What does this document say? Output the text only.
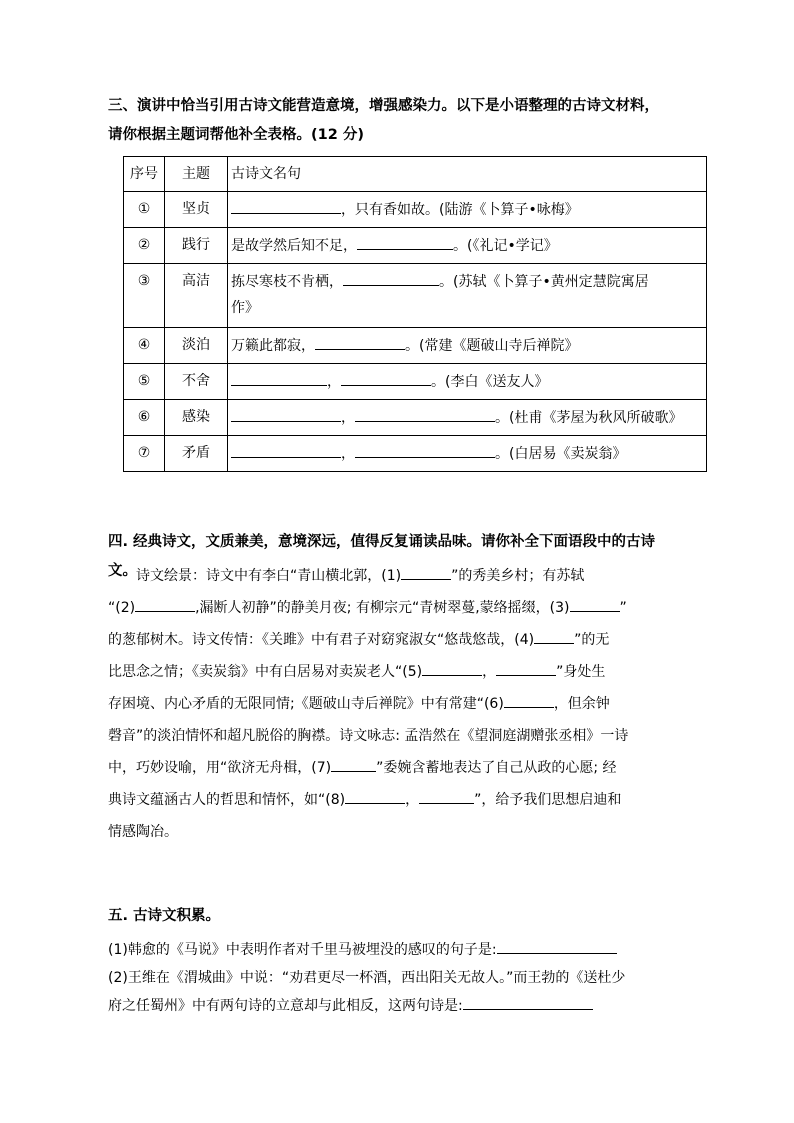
三、演讲中恰当引用古诗文能营造意境，增强感染力。以下是小语整理的古诗文材料，
请你根据主题词帮他补全表格。(12 分)
序号	主题	古诗文名句
①	坚贞	，只有香如故。(陆游《卜算子•咏梅》
②	践行	是故学然后知不足， 。(《礼记•学记》
③	高洁	拣尽寒枝不肯栖， 。(苏轼《卜算子•黄州定慧院寓居
作》
④	淡泊	万籁此都寂， 。(常建《题破山寺后禅院》
⑤	不舍	， 。(李白《送友人》
⑥	感染	， 。(杜甫《茅屋为秋风所破歌》
⑦	矛盾	， 。(白居易《卖炭翁》
四. 经典诗文，文质兼美，意境深远，值得反复诵读品味。请你补全下面语段中的古诗
文。 诗文绘景：诗文中有李白“青山横北郭，(1)	”的秀美乡村；有苏轼
“(2)	,漏断人初静”的静美月夜; 有柳宗元“青树翠蔓,蒙络摇缀，(3)	”
的葱郁树木。诗文传情：《关雎》中有君子对窈窕淑女“悠哉悠哉，(4)	”的无
比思念之情；《卖炭翁》中有白居易对卖炭老人“(5)	，	”身处生
存困境、内心矛盾的无限同情;《题破山寺后禅院》中有常建“(6)	，但余钟
磬音”的淡泊情怀和超凡脱俗的胸襟。诗文咏志: 孟浩然在《望洞庭湖赠张丞相》一诗
中，巧妙设喻，用“欲济无舟楫，(7)	”委婉含蓄地表达了自己从政的心愿; 经
典诗文蕴涵古人的哲思和情怀，如“(8)	，	”，给予我们思想启迪和
情感陶冶。
五. 古诗文积累。
(1)韩愈的《马说》中表明作者对千里马被埋没的感叹的句子是:
(2)王维在《渭城曲》中说：“劝君更尽一杯酒，西出阳关无故人。”而王勃的《送杜少
府之任蜀州》中有两句诗的立意却与此相反，这两句诗是:
